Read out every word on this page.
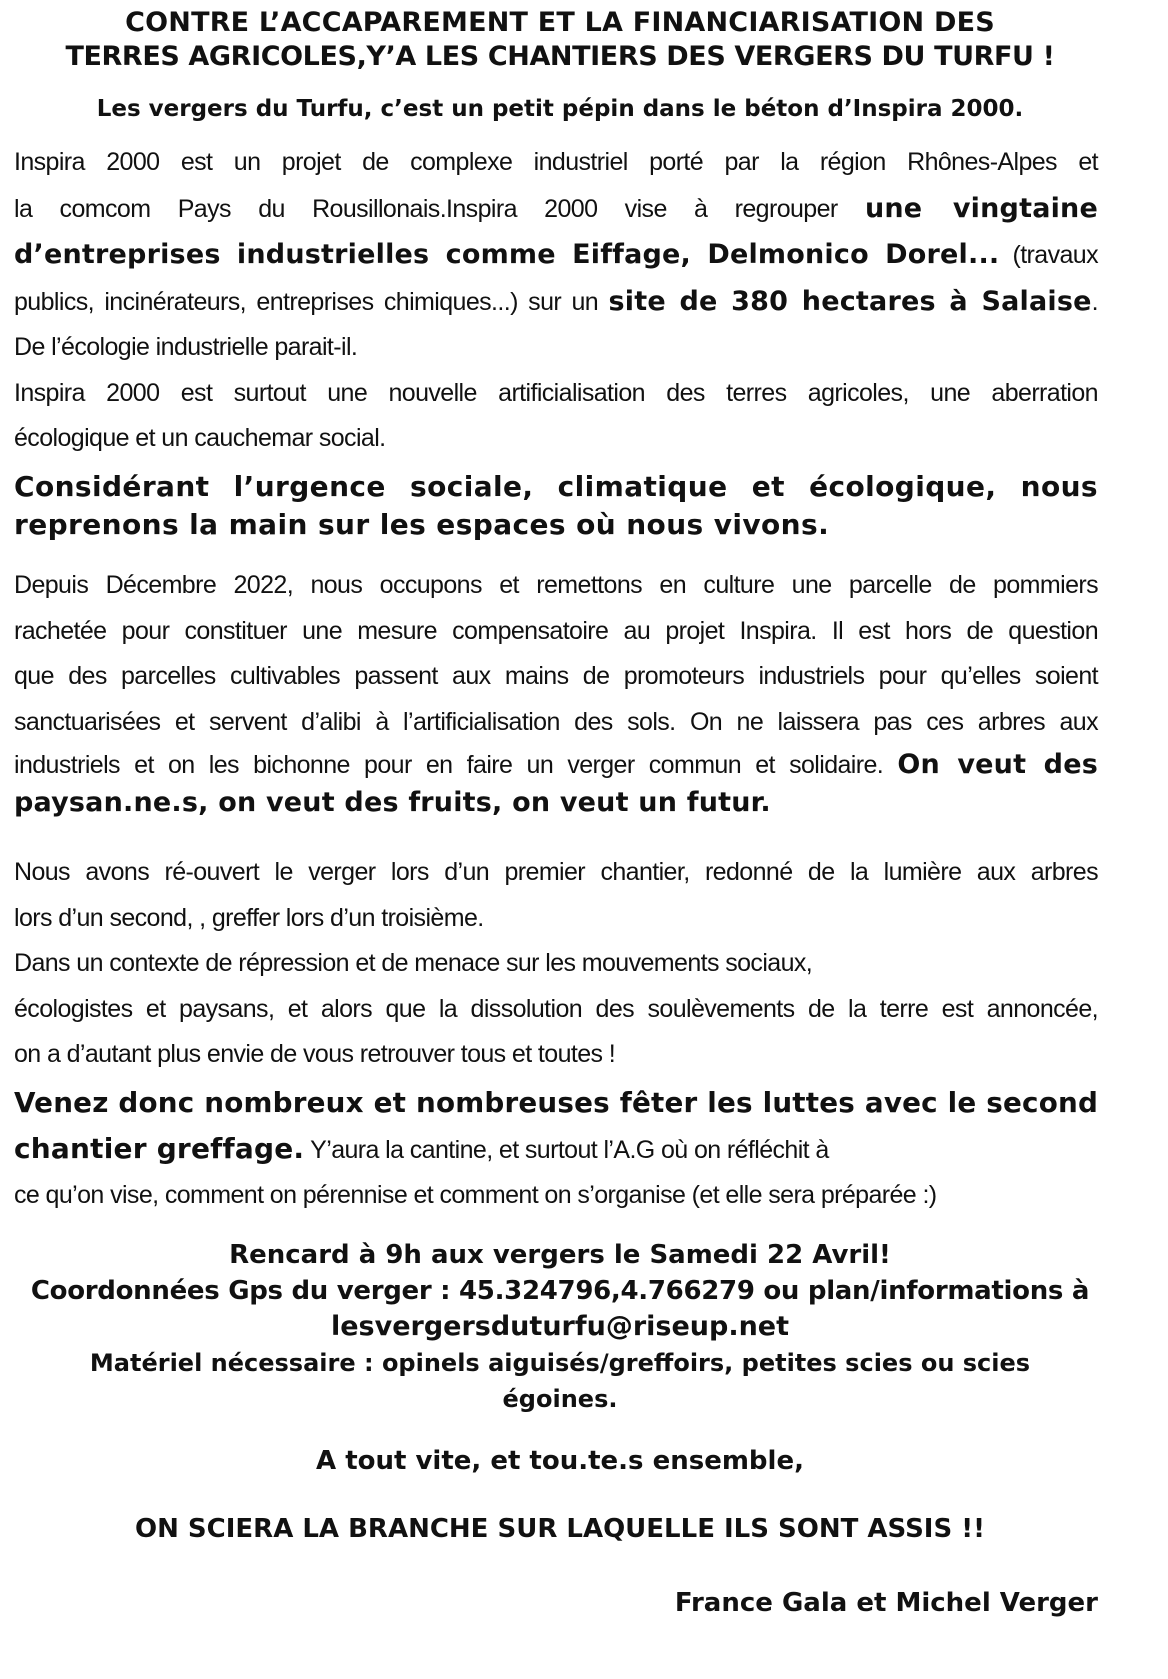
CONTRE L’ACCAPAREMENT ET LA FINANCIARISATION DES
TERRES AGRICOLES,Y’A LES CHANTIERS DES VERGERS DU TURFU !
Les vergers du Turfu, c’est un petit pépin dans le béton d’Inspira 2000.
Inspira 2000 est un projet de complexe industriel porté par la région Rhônes-Alpes et
la comcom Pays du Rousillonais.Inspira 2000 vise à regrouper une vingtaine
d’entreprises industrielles comme Eiffage, Delmonico Dorel... (travaux
publics, incinérateurs, entreprises chimiques...) sur un site de 380 hectares à Salaise.
De l’écologie industrielle parait-il.
Inspira 2000 est surtout une nouvelle artificialisation des terres agricoles, une aberration
écologique et un cauchemar social.
Considérant l’urgence sociale, climatique et écologique, nous
reprenons la main sur les espaces où nous vivons.
Depuis Décembre 2022, nous occupons et remettons en culture une parcelle de pommiers
rachetée pour constituer une mesure compensatoire au projet Inspira. Il est hors de question
que des parcelles cultivables passent aux mains de promoteurs industriels pour qu’elles soient
sanctuarisées et servent d’alibi à l’artificialisation des sols. On ne laissera pas ces arbres aux
industriels et on les bichonne pour en faire un verger commun et solidaire. On veut des
paysan.ne.s, on veut des fruits, on veut un futur.
Nous avons ré-ouvert le verger lors d’un premier chantier, redonné de la lumière aux arbres
lors d’un second, , greffer lors d’un troisième.
Dans un contexte de répression et de menace sur les mouvements sociaux,
écologistes et paysans, et alors que la dissolution des soulèvements de la terre est annoncée,
on a d’autant plus envie de vous retrouver tous et toutes !
Venez donc nombreux et nombreuses fêter les luttes avec le second
chantier greffage. Y’aura la cantine, et surtout l’A.G où on réfléchit à
ce qu’on vise, comment on pérennise et comment on s’organise (et elle sera préparée :)
Rencard à 9h aux vergers le Samedi 22 Avril!
Coordonnées Gps du verger : 45.324796,4.766279 ou plan/informations à
lesvergersduturfu@riseup.net
Matériel nécessaire : opinels aiguisés/greffoirs, petites scies ou scies
égoines.
A tout vite, et tou.te.s ensemble,
ON SCIERA LA BRANCHE SUR LAQUELLE ILS SONT ASSIS !!
France Gala et Michel Verger
